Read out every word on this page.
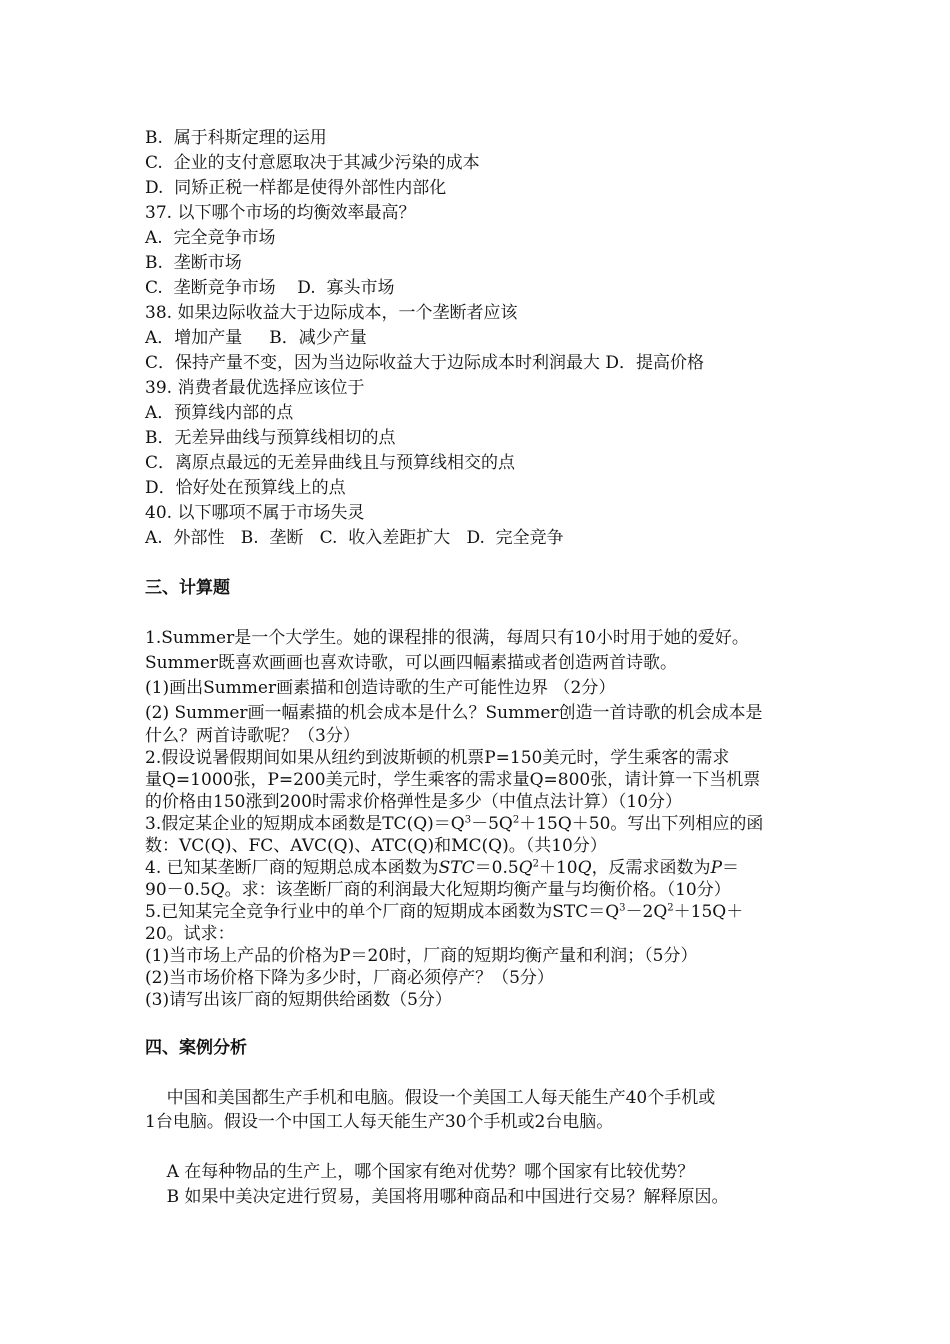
B.  属于科斯定理的运用
C.  企业的支付意愿取决于其减少污染的成本
D.  同矫正税一样都是使得外部性内部化
37. 以下哪个市场的均衡效率最高？
A.  完全竞争市场
B.  垄断市场
C.  垄断竞争市场    D.  寡头市场
38. 如果边际收益大于边际成本，一个垄断者应该
A．增加产量     B．减少产量
C．保持产量不变，因为当边际收益大于边际成本时利润最大 D．提高价格
39. 消费者最优选择应该位于
A．预算线内部的点
B．无差异曲线与预算线相切的点
C．离原点最远的无差异曲线且与预算线相交的点
D．恰好处在预算线上的点
40. 以下哪项不属于市场失灵
A.  外部性   B.  垄断   C.  收入差距扩大   D.  完全竞争
三、计算题
1.Summer是一个大学生。她的课程排的很满，每周只有10小时用于她的爱好。
Summer既喜欢画画也喜欢诗歌，可以画四幅素描或者创造两首诗歌。
(1)画出Summer画素描和创造诗歌的生产可能性边界 （2分）
(2) Summer画一幅素描的机会成本是什么？Summer创造一首诗歌的机会成本是
什么？两首诗歌呢？（3分）
2.假设说暑假期间如果从纽约到波斯顿的机票P=150美元时，学生乘客的需求
量Q=1000张，P=200美元时，学生乘客的需求量Q=800张，请计算一下当机票
的价格由150涨到200时需求价格弹性是多少（中值点法计算）（10分）
3.假定某企业的短期成本函数是$TC(Q)=Q^3-5Q^2+15Q+50$。写出下列相应的函
数：VC(Q)、FC、AVC(Q)、ATC(Q)和MC(Q)。（共10分）
4. 已知某垄断厂商的短期总成本函数为$STC=0.5Q^2+10Q$，反需求函数为P＝
90－0.5Q。求：该垄断厂商的利润最大化短期均衡产量与均衡价格。（10分）
5.已知某完全竞争行业中的单个厂商的短期成本函数为$STC=Q^3-2Q^2+15Q+$
20。试求：
(1)当市场上产品的价格为P＝20时，厂商的短期均衡产量和利润；（5分）
(2)当市场价格下降为多少时，厂商必须停产？（5分）
(3)请写出该厂商的短期供给函数（5分）
四、案例分析
中国和美国都生产手机和电脑。假设一个美国工人每天能生产40个手机或
1台电脑。假设一个中国工人每天能生产30个手机或2台电脑。
A 在每种物品的生产上，哪个国家有绝对优势？哪个国家有比较优势？
B 如果中美决定进行贸易，美国将用哪种商品和中国进行交易？解释原因。
